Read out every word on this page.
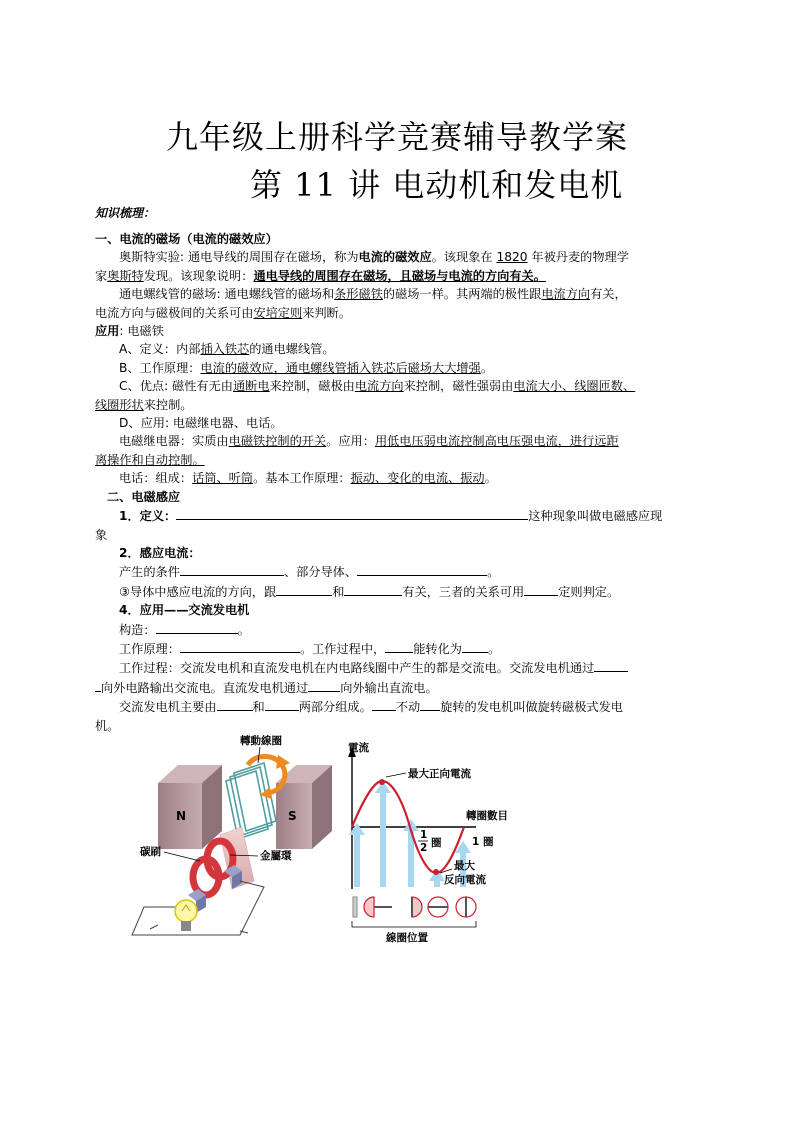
九年级上册科学竞赛辅导教学案
第 11 讲 电动机和发电机
知识梳理：

一、电流的磁场（电流的磁效应）

奥斯特实验: 通电导线的周围存在磁场，称为电流的磁效应。该现象在 1820 年被丹麦的物理学

家奥斯特发现。该现象说明：通电导线的周围存在磁场，且磁场与电流的方向有关。

通电螺线管的磁场: 通电螺线管的磁场和条形磁铁的磁场一样。其两端的极性跟电流方向有关，

电流方向与磁极间的关系可由安培定则来判断。

应用: 电磁铁

A、定义：内部插入铁芯的通电螺线管。

B、工作原理：电流的磁效应，通电螺线管插入铁芯后磁场大大增强。

C、优点: 磁性有无由通断电来控制，磁极由电流方向来控制，磁性强弱由电流大小、线圈匝数、

线圈形状来控制。

D、应用: 电磁继电器、电话。

电磁继电器：实质由电磁铁控制的开关。应用：用低电压弱电流控制高电压强电流，进行远距

离操作和自动控制。

电话：组成：话筒、听筒。基本工作原理：振动、变化的电流、振动。

二、电磁感应

1．定义：	这种现象叫做电磁感应现

象

2．感应电流：

产生的条件	、部分导体、	。

③导体中感应电流的方向，跟	和	有关，三者的关系可用	定则判定。

4．应用——交流发电机

构造：	。

工作原理：	。工作过程中， 能转化为 。

工作过程：交流发电机和直流发电机在内电路线圈中产生的都是交流电。交流发电机通过

向外电路输出交流电。直流发电机通过	向外输出直流电。

交流发电机主要由	和	两部分组成。 不动 旋转的发电机叫做旋转磁极式发电

机。

N	S
轉動線圈
碳刷	金屬環
電流
轉圈數目
最大正向電流
1
2 圈	1 圈
最大
反向電流
線圈位置
